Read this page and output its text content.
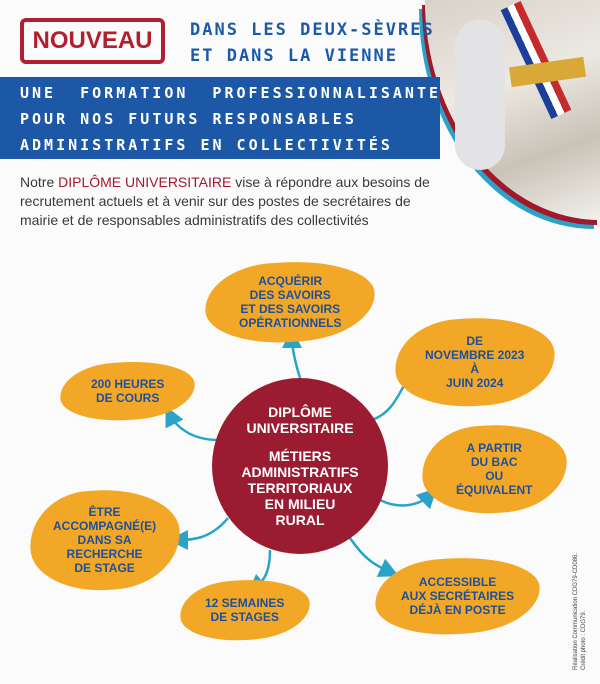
NOUVEAU	DANS LES DEUX-SÈVRES
ET DANS LA VIENNE
UNE FORMATION PROFESSIONNALISANTE
POUR NOS FUTURS RESPONSABLES
ADMINISTRATIFS EN COLLECTIVITÉS

Notre DIPLÔME UNIVERSITAIRE vise à répondre aux besoins de recrutement actuels et à venir sur des postes de secrétaires de mairie et de responsables administratifs des collectivités

ACQUÉRIR
DES SAVOIRS
ET DES SAVOIRS
OPÉRATIONNELS
DE
NOVEMBRE 2023
À
JUIN 2024
200 HEURES
DE COURS
A PARTIR
DU BAC
OU
ÉQUIVALENT
ÊTRE
ACCOMPAGNÉ(E)
DANS SA
RECHERCHE
DE STAGE
12 SEMAINES
DE STAGES
ACCESSIBLE
AUX SECRÉTAIRES
DÉJÀ EN POSTE
DIPLÔME
UNIVERSITAIRE
MÉTIERS
ADMINISTRATIFS
TERRITORIAUX
EN MILIEU
RURAL
Réalisation Communication CDG79-CD086.
Crédit photo : CDG79.
